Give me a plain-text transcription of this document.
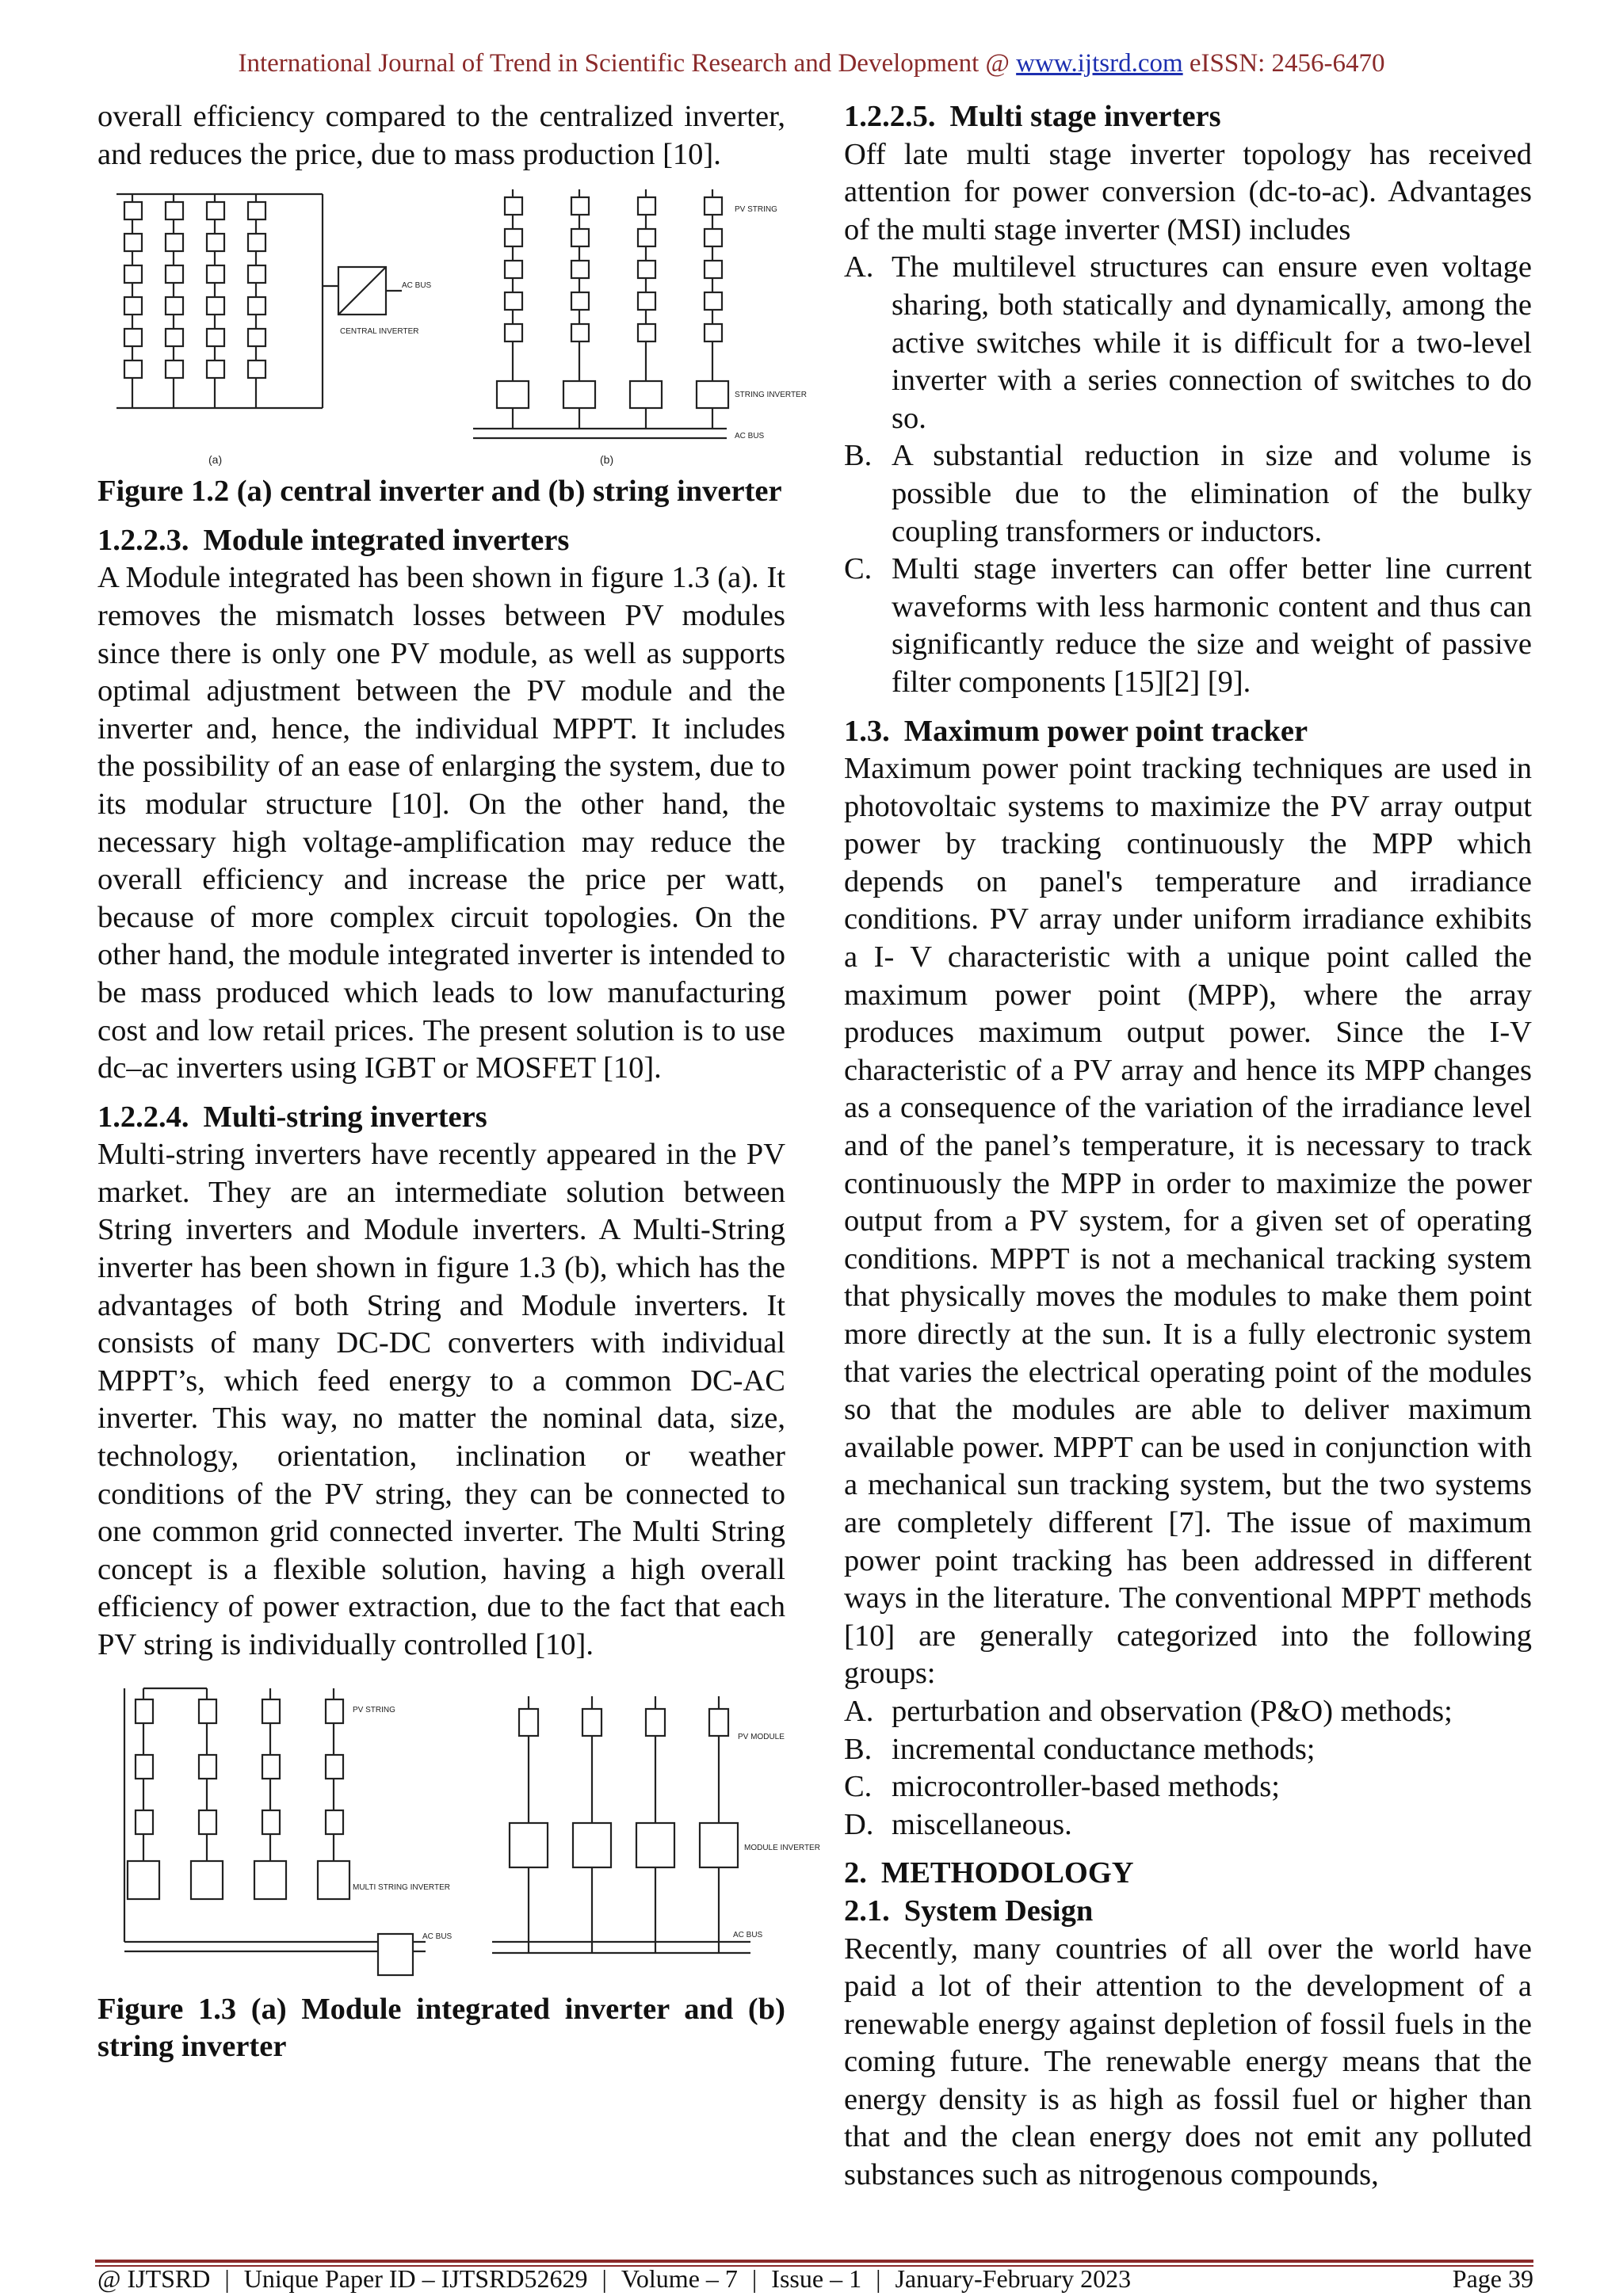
International Journal of Trend in Scientific Research and Development @ www.ijtsrd.com eISSN: 2456-6470

overall efficiency compared to the centralized inverter, and reduces the price, due to mass production [10].

AC BUS
CENTRAL INVERTER
PV STRING
STRING INVERTER
AC BUS
(a)	(b)

Figure 1.2 (a) central inverter and (b) string inverter

1.2.2.3. Module integrated inverters

A Module integrated has been shown in figure 1.3 (a). It removes the mismatch losses between PV modules since there is only one PV module, as well as supports optimal adjustment between the PV module and the inverter and, hence, the individual MPPT. It includes the possibility of an ease of enlarging the system, due to its modular structure [10]. On the other hand, the necessary high voltage-amplification may reduce the overall efficiency and increase the price per watt, because of more complex circuit topologies. On the other hand, the module integrated inverter is intended to be mass produced which leads to low manufacturing cost and low retail prices. The present solution is to use dc–ac inverters using IGBT or MOSFET [10].

1.2.2.4. Multi-string inverters

Multi-string inverters have recently appeared in the PV market. They are an intermediate solution between String inverters and Module inverters. A Multi-String inverter has been shown in figure 1.3 (b), which has the advantages of both String and Module inverters. It consists of many DC-DC converters with individual MPPT’s, which feed energy to a common DC-AC inverter. This way, no matter the nominal data, size, technology, orientation, inclination or weather conditions of the PV string, they can be connected to one common grid connected inverter. The Multi String concept is a flexible solution, having a high overall efficiency of power extraction, due to the fact that each PV string is individually controlled [10].

PV STRING
MULTI STRING INVERTER
AC BUS
PV MODULE
MODULE INVERTER
AC BUS

Figure 1.3 (a) Module integrated inverter and (b) string inverter

1.2.2.5. Multi stage inverters

Off late multi stage inverter topology has received attention for power conversion (dc-to-ac). Advantages of the multi stage inverter (MSI) includes

A. The multilevel structures can ensure even voltage sharing, both statically and dynamically, among the active switches while it is difficult for a two-level inverter with a series connection of switches to do so.
B. A substantial reduction in size and volume is possible due to the elimination of the bulky coupling transformers or inductors.
C. Multi stage inverters can offer better line current waveforms with less harmonic content and thus can significantly reduce the size and weight of passive filter components [15][2] [9].

1.3. Maximum power point tracker

Maximum power point tracking techniques are used in photovoltaic systems to maximize the PV array output power by tracking continuously the MPP which depends on panel's temperature and irradiance conditions. PV array under uniform irradiance exhibits a I- V characteristic with a unique point called the maximum power point (MPP), where the array produces maximum output power. Since the I-V characteristic of a PV array and hence its MPP changes as a consequence of the variation of the irradiance level and of the panel’s temperature, it is necessary to track continuously the MPP in order to maximize the power output from a PV system, for a given set of operating conditions. MPPT is not a mechanical tracking system that physically moves the modules to make them point more directly at the sun. It is a fully electronic system that varies the electrical operating point of the modules so that the modules are able to deliver maximum available power. MPPT can be used in conjunction with a mechanical sun tracking system, but the two systems are completely different [7]. The issue of maximum power point tracking has been addressed in different ways in the literature. The conventional MPPT methods [10] are generally categorized into the following groups:

A. perturbation and observation (P&O) methods;
B. incremental conductance methods;
C. microcontroller-based methods;
D. miscellaneous.

2. METHODOLOGY

2.1. System Design

Recently, many countries of all over the world have paid a lot of their attention to the development of a renewable energy against depletion of fossil fuels in the coming future. The renewable energy means that the energy density is as high as fossil fuel or higher than that and the clean energy does not emit any polluted substances such as nitrogenous compounds,

@ IJTSRD | Unique Paper ID – IJTSRD52629 | Volume – 7 | Issue – 1 | January-February 2023	Page 39
